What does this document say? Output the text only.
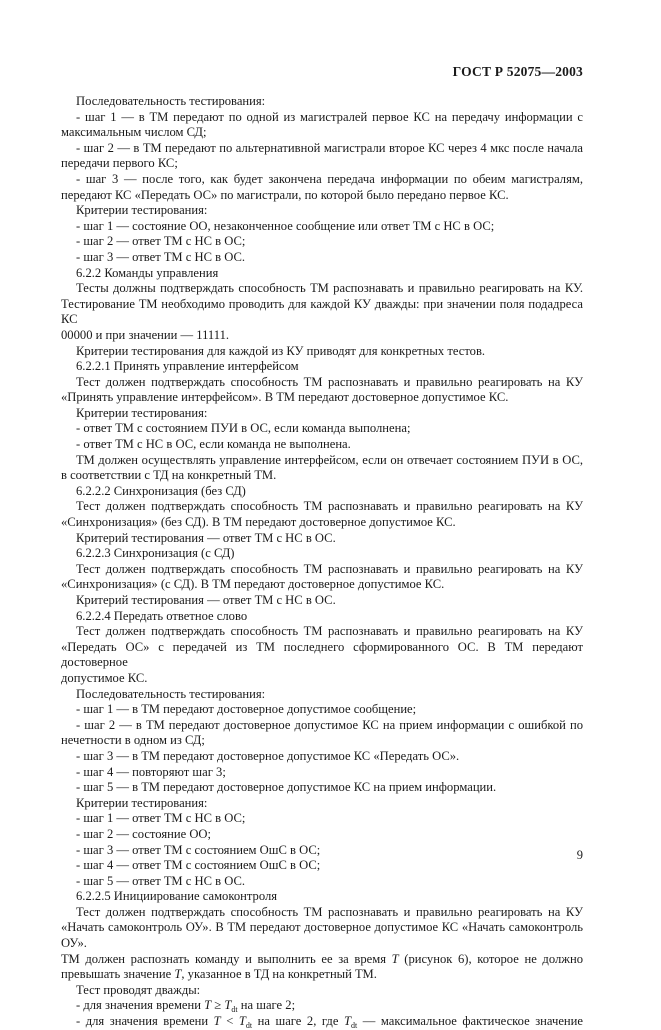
ГОСТ Р 52075—2003

Последовательность тестирования:

- шаг 1 — в ТМ передают по одной из магистралей первое КС на передачу информации с

максимальным числом СД;

- шаг 2 — в ТМ передают по альтернативной магистрали второе КС через 4 мкс после начала

передачи первого КС;

- шаг 3 — после того, как будет закончена передача информации по обеим магистралям,

передают КС «Передать ОС» по магистрали, по которой было передано первое КС.

Критерии тестирования:

- шаг 1 — состояние ОО, незаконченное сообщение или ответ ТМ с НС в ОС;

- шаг 2 — ответ ТМ с НС в ОС;

- шаг 3 — ответ ТМ с НС в ОС.

6.2.2 Команды управления

Тесты должны подтверждать способность ТМ распознавать и правильно реагировать на КУ.

Тестирование ТМ необходимо проводить для каждой КУ дважды: при значении поля подадреса КС

00000 и при значении — 11111.

Критерии тестирования для каждой из КУ приводят для конкретных тестов.

6.2.2.1 Принять управление интерфейсом

Тест должен подтверждать способность ТМ распознавать и правильно реагировать на КУ

«Принять управление интерфейсом». В ТМ передают достоверное допустимое КС.

Критерии тестирования:

- ответ ТМ с состоянием ПУИ в ОС, если команда выполнена;

- ответ ТМ с НС в ОС, если команда не выполнена.

ТМ должен осуществлять управление интерфейсом, если он отвечает состоянием ПУИ в ОС,

в соответствии с ТД на конкретный ТМ.

6.2.2.2 Синхронизация (без СД)

Тест должен подтверждать способность ТМ распознавать и правильно реагировать на КУ

«Синхронизация» (без СД). В ТМ передают достоверное допустимое КС.

Критерий тестирования — ответ ТМ с НС в ОС.

6.2.2.3 Синхронизация (с СД)

Тест должен подтверждать способность ТМ распознавать и правильно реагировать на КУ

«Синхронизация» (с СД). В ТМ передают достоверное допустимое КС.

Критерий тестирования — ответ ТМ с НС в ОС.

6.2.2.4 Передать ответное слово

Тест должен подтверждать способность ТМ распознавать и правильно реагировать на КУ

«Передать ОС» с передачей из ТМ последнего сформированного ОС. В ТМ передают достоверное

допустимое КС.

Последовательность тестирования:

- шаг 1 — в ТМ передают достоверное допустимое сообщение;

- шаг 2 — в ТМ передают достоверное допустимое КС на прием информации с ошибкой по

нечетности в одном из СД;

- шаг 3 — в ТМ передают достоверное допустимое КС «Передать ОС».

- шаг 4 — повторяют шаг 3;

- шаг 5 — в ТМ передают достоверное допустимое КС на прием информации.

Критерии тестирования:

- шаг 1 — ответ ТМ с НС в ОС;

- шаг 2 — состояние ОО;

- шаг 3 — ответ ТМ с состоянием ОшС в ОС;

- шаг 4 — ответ ТМ с состоянием ОшС в ОС;

- шаг 5 — ответ ТМ с НС в ОС.

6.2.2.5 Инициирование самоконтроля

Тест должен подтверждать способность ТМ распознавать и правильно реагировать на КУ

«Начать самоконтроль ОУ». В ТМ передают достоверное допустимое КС «Начать самоконтроль ОУ».

ТМ должен распознать команду и выполнить ее за время T (рисунок 6), которое не должно

превышать значение T, указанное в ТД на конкретный ТМ.

Тест проводят дважды:

- для значения времени $T \ge T_{dt}$ на шаге 2;

- для значения времени $T < T_{dt}$ на шаге 2, где $T_{dt}$ — максимальное фактическое значение

9
